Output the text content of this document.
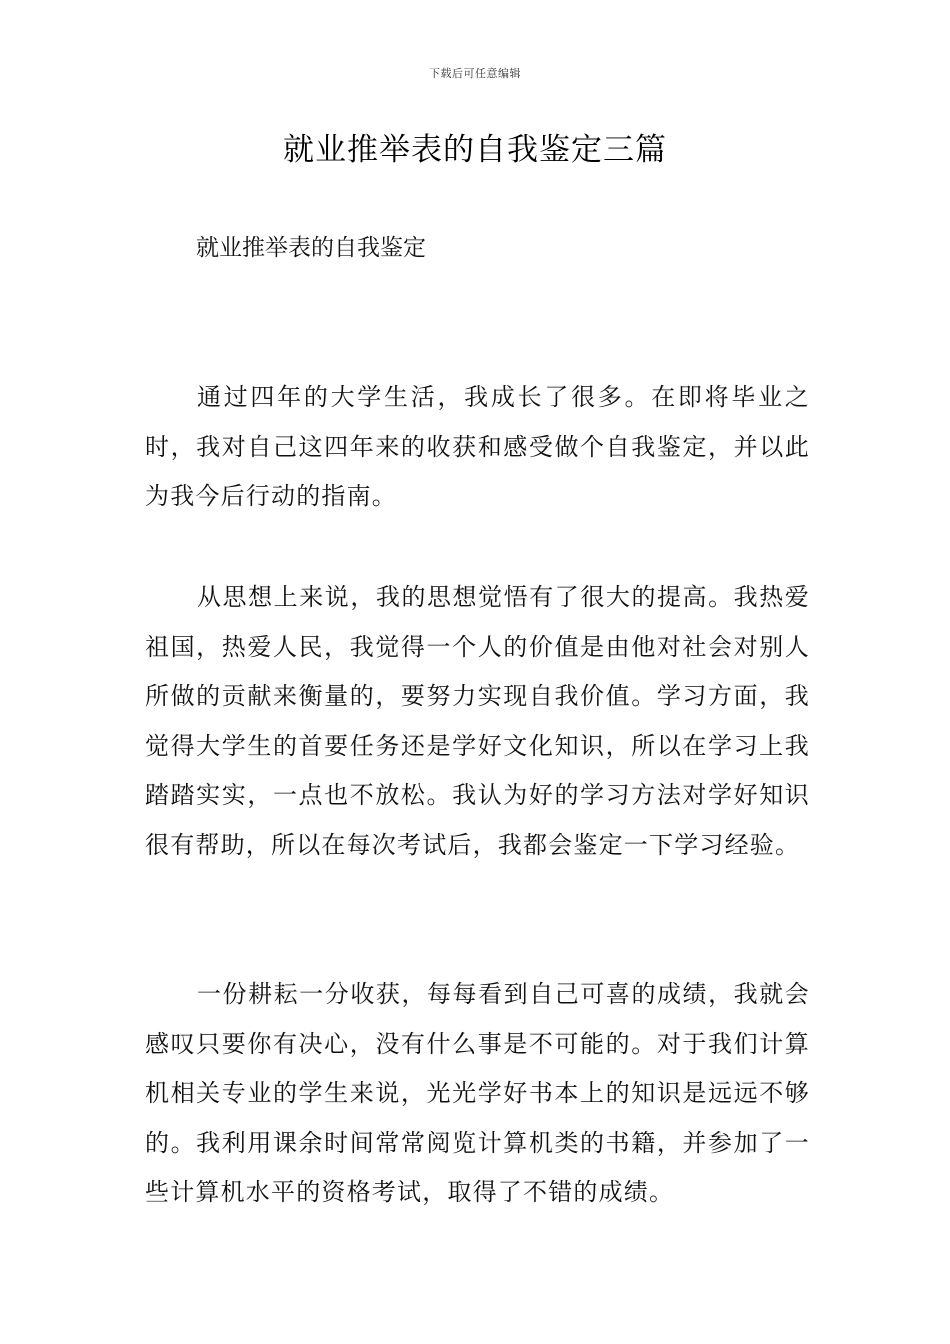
下载后可任意编辑
就业推举表的自我鉴定三篇
就业推举表的自我鉴定

通过四年的大学生活，我成长了很多。在即将毕业之时，我对自己这四年来的收获和感受做个自我鉴定，并以此为我今后行动的指南。

从思想上来说，我的思想觉悟有了很大的提高。我热爱祖国，热爱人民，我觉得一个人的价值是由他对社会对别人所做的贡献来衡量的，要努力实现自我价值。学习方面，我觉得大学生的首要任务还是学好文化知识，所以在学习上我踏踏实实，一点也不放松。我认为好的学习方法对学好知识很有帮助，所以在每次考试后，我都会鉴定一下学习经验。

一份耕耘一分收获，每每看到自己可喜的成绩，我就会感叹只要你有决心，没有什么事是不可能的。对于我们计算机相关专业的学生来说，光光学好书本上的知识是远远不够的。我利用课余时间常常阅览计算机类的书籍，并参加了一些计算机水平的资格考试，取得了不错的成绩。
